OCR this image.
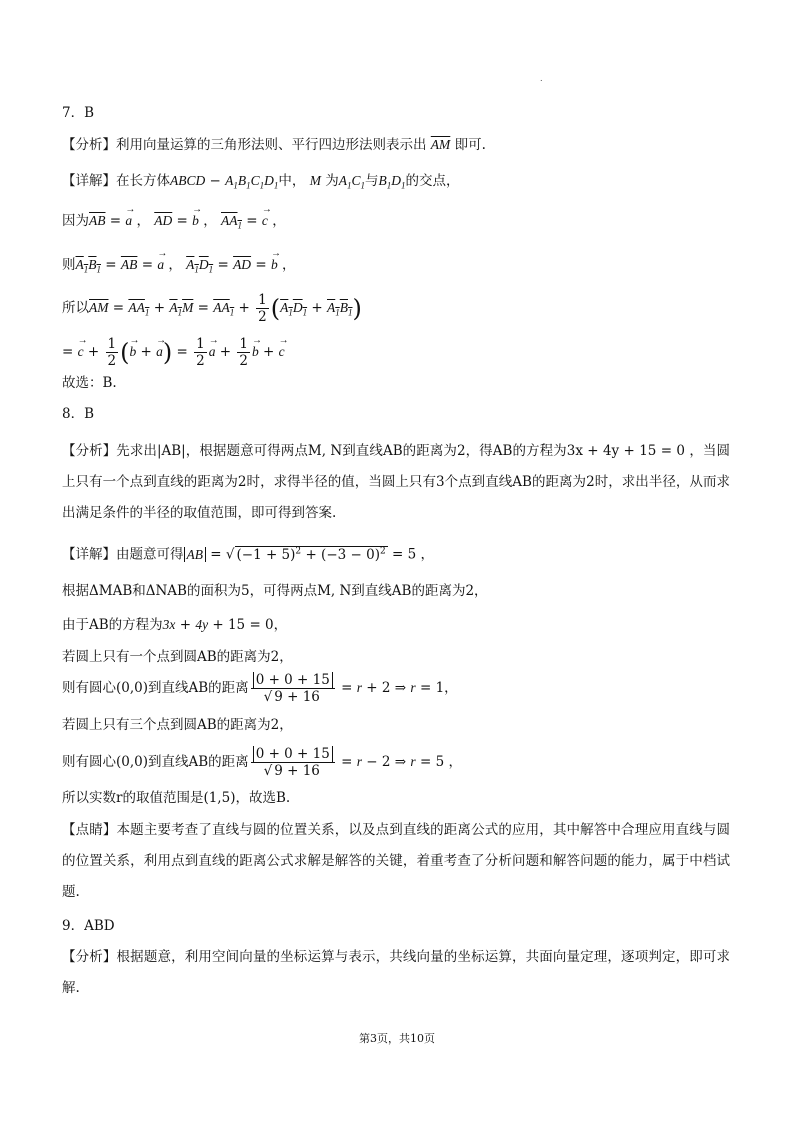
.
7．B
【分析】利用向量运算的三角形法则、平行四边形法则表示出 $\overline{AM}$ 即可.
【详解】在长方体ABCD − $A_1B_1C_1D_1$中， M 为$A_1C_1$与$B_1D_1$的交点，
因为$\overline{AB}$ = → a ， $\overline{AD}$ = → b ， $AA_1$ = → c ，
则$A_1B_1 = \overline{AB}$ = → a ， $A_1D_1 = \overline{AD}$ = → b ，
所以$\overline{AM} = AA_1 + A_1M = AA_1 + \frac{1}{2} (A_1D_1 + A_1B_1)$
= → $c + \frac{1}{2}$ (→ b + → $a) = \frac{1}{2} \to a + \frac{1}{2} \to b$ + → c
故选：B.
8．B
【分析】先求出|AB|，根据题意可得两点M, N到直线AB的距离为2，得AB的方程为3x + 4y + 15 = 0 ，当圆上只有一个点到直线的距离为2时，求得半径的值，当圆上只有3个点到直线AB的距离为2时，求出半径，从而求出满足条件的半径的取值范围，即可得到答案.
【详解】由题意可得 AB = √ $(-1 + 5)^2 + (-3 - 0)^2 = 5$ ，
根据ΔMAB和ΔNAB的面积为5，可得两点M, N到直线AB的距离为2，
由于AB的方程为3x + 4y + 15 = 0，
若圆上只有一个点到圆AB的距离为2，
则有圆心(0,0)到直线AB的距离 $\frac{0 + 0 + 15}{√ 9 + 16} = r + 2$ ⇒ r = 1，
若圆上只有三个点到圆AB的距离为2，
则有圆心(0,0)到直线AB的距离 $\frac{0 + 0 + 15}{√ 9 + 16} = r - 2$ ⇒ r = 5 ，
所以实数r的取值范围是(1,5)，故选B.
【点睛】本题主要考查了直线与圆的位置关系，以及点到直线的距离公式的应用，其中解答中合理应用直线与圆的位置关系，利用点到直线的距离公式求解是解答的关键，着重考查了分析问题和解答问题的能力，属于中档试题.
9．ABD
【分析】根据题意，利用空间向量的坐标运算与表示，共线向量的坐标运算，共面向量定理，逐项判定，即可求解.
第3页，共10页
